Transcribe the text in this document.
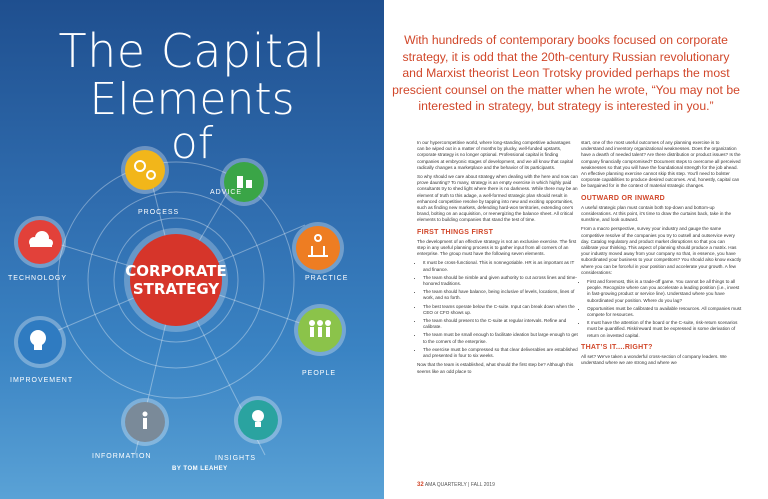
The Capital
Elements
of
CORPORATE
STRATEGY
PROCESS
ADVICE
PRACTICE
PEOPLE
INSIGHTS
INFORMATION
IMPROVEMENT
TECHNOLOGY
BY TOM LEAHEY
With hundreds of contemporary books focused on corporate strategy, it is odd that the 20th-century Russian revolutionary and Marxist theorist Leon Trotsky provided perhaps the most prescient counsel on the matter when he wrote, “You may not be interested in strategy, but strategy is interested in you.”

In our hypercompetitive world, where long-standing competitive advantages can be wiped out in a matter of months by plucky, well-funded upstarts, corporate strategy is no longer optional. Professional capital is finding companies at embryonic stages of development, and we all know that capital radically changes a marketplace and the behavior of its participants.

So why should we care about strategy when dealing with the here and now can prove daunting? To many, strategy is an empty exercise in which highly paid consultants try to shed light where there is no darkness. While there may be an element of truth to this adage, a well-formed strategic plan should result in enhanced competitive resolve by tapping into new and exciting opportunities, such as finding new markets, defending hard-won territories, extending one’s brand, bolting on an acquisition, or reenergizing the balance sheet. All critical elements to building companies that stand the test of time.

FIRST THINGS FIRST

The development of an effective strategy is not an exclusive exercise. The first step in any useful planning process is to gather input from all corners of an enterprise. The group must have the following seven elements.

• It must be cross-functional. This is nonnegotiable. HR is as important as IT and finance.
• The team should be nimble and given authority to cut across lines and time-honored traditions.
• The team should have balance, being inclusive of levels, locations, lines of work, and so forth.
• The best teams operate below the C-suite. Input can break down when the CEO or CFO shows up.
• The team should present to the C-suite at regular intervals. Refine and calibrate.
• The team must be small enough to facilitate ideation but large enough to get to the corners of the enterprise.
• The exercise must be compressed so that clear deliverables are established and presented in four to six weeks.

Now that the team is established, what should the first step be? Although this seems like an odd place to

start, one of the most useful outcomes of any planning exercise is to understand and inventory organizational weaknesses. Does the organization have a dearth of needed talent? Are there distribution or product issues? Is the company financially compromised? Document steps to overcome all perceived weaknesses so that you will have the foundational strength for the job ahead. An effective planning exercise cannot skip this step. You’ll need to bolster corporate capabilities to produce desired outcomes. And, honestly, capital can be bargained for in the context of material strategic changes.

OUTWARD OR INWARD

A useful strategic plan must contain both top-down and bottom-up considerations. At this point, it’s time to draw the curtains back, take in the sunshine, and look outward.

From a macro perspective, survey your industry and gauge the same competitive resolve of the companies you try to outsell and outservice every day. Catalog regulatory and product market disruptions so that you can calibrate your thinking. This aspect of planning should produce a matrix. Has your industry moved away from your company so that, in essence, you have subordinated your business to your competitors? You should also know exactly where you can be forceful in your position and accelerate your growth. A few considerations:

• First and foremost, this is a trade-off game. You cannot be all things to all people. Recognize where can you accelerate a leading position (i.e., invest in fast-growing product or service line). Understand where you have subordinated your position. Where do you lag?
• Opportunities must be calibrated to available resources. All companies must compete for resources.
• It must have the attention of the board or the C-suite, risk-return scenarios must be quantified. Risk/reward must be expressed in some derivation of return on invested capital.
THAT’S IT....RIGHT?

All set? We’ve taken a wonderful cross-section of company leaders. We understand where we are strong and where we

32 AMA QUARTERLY | FALL 2019
